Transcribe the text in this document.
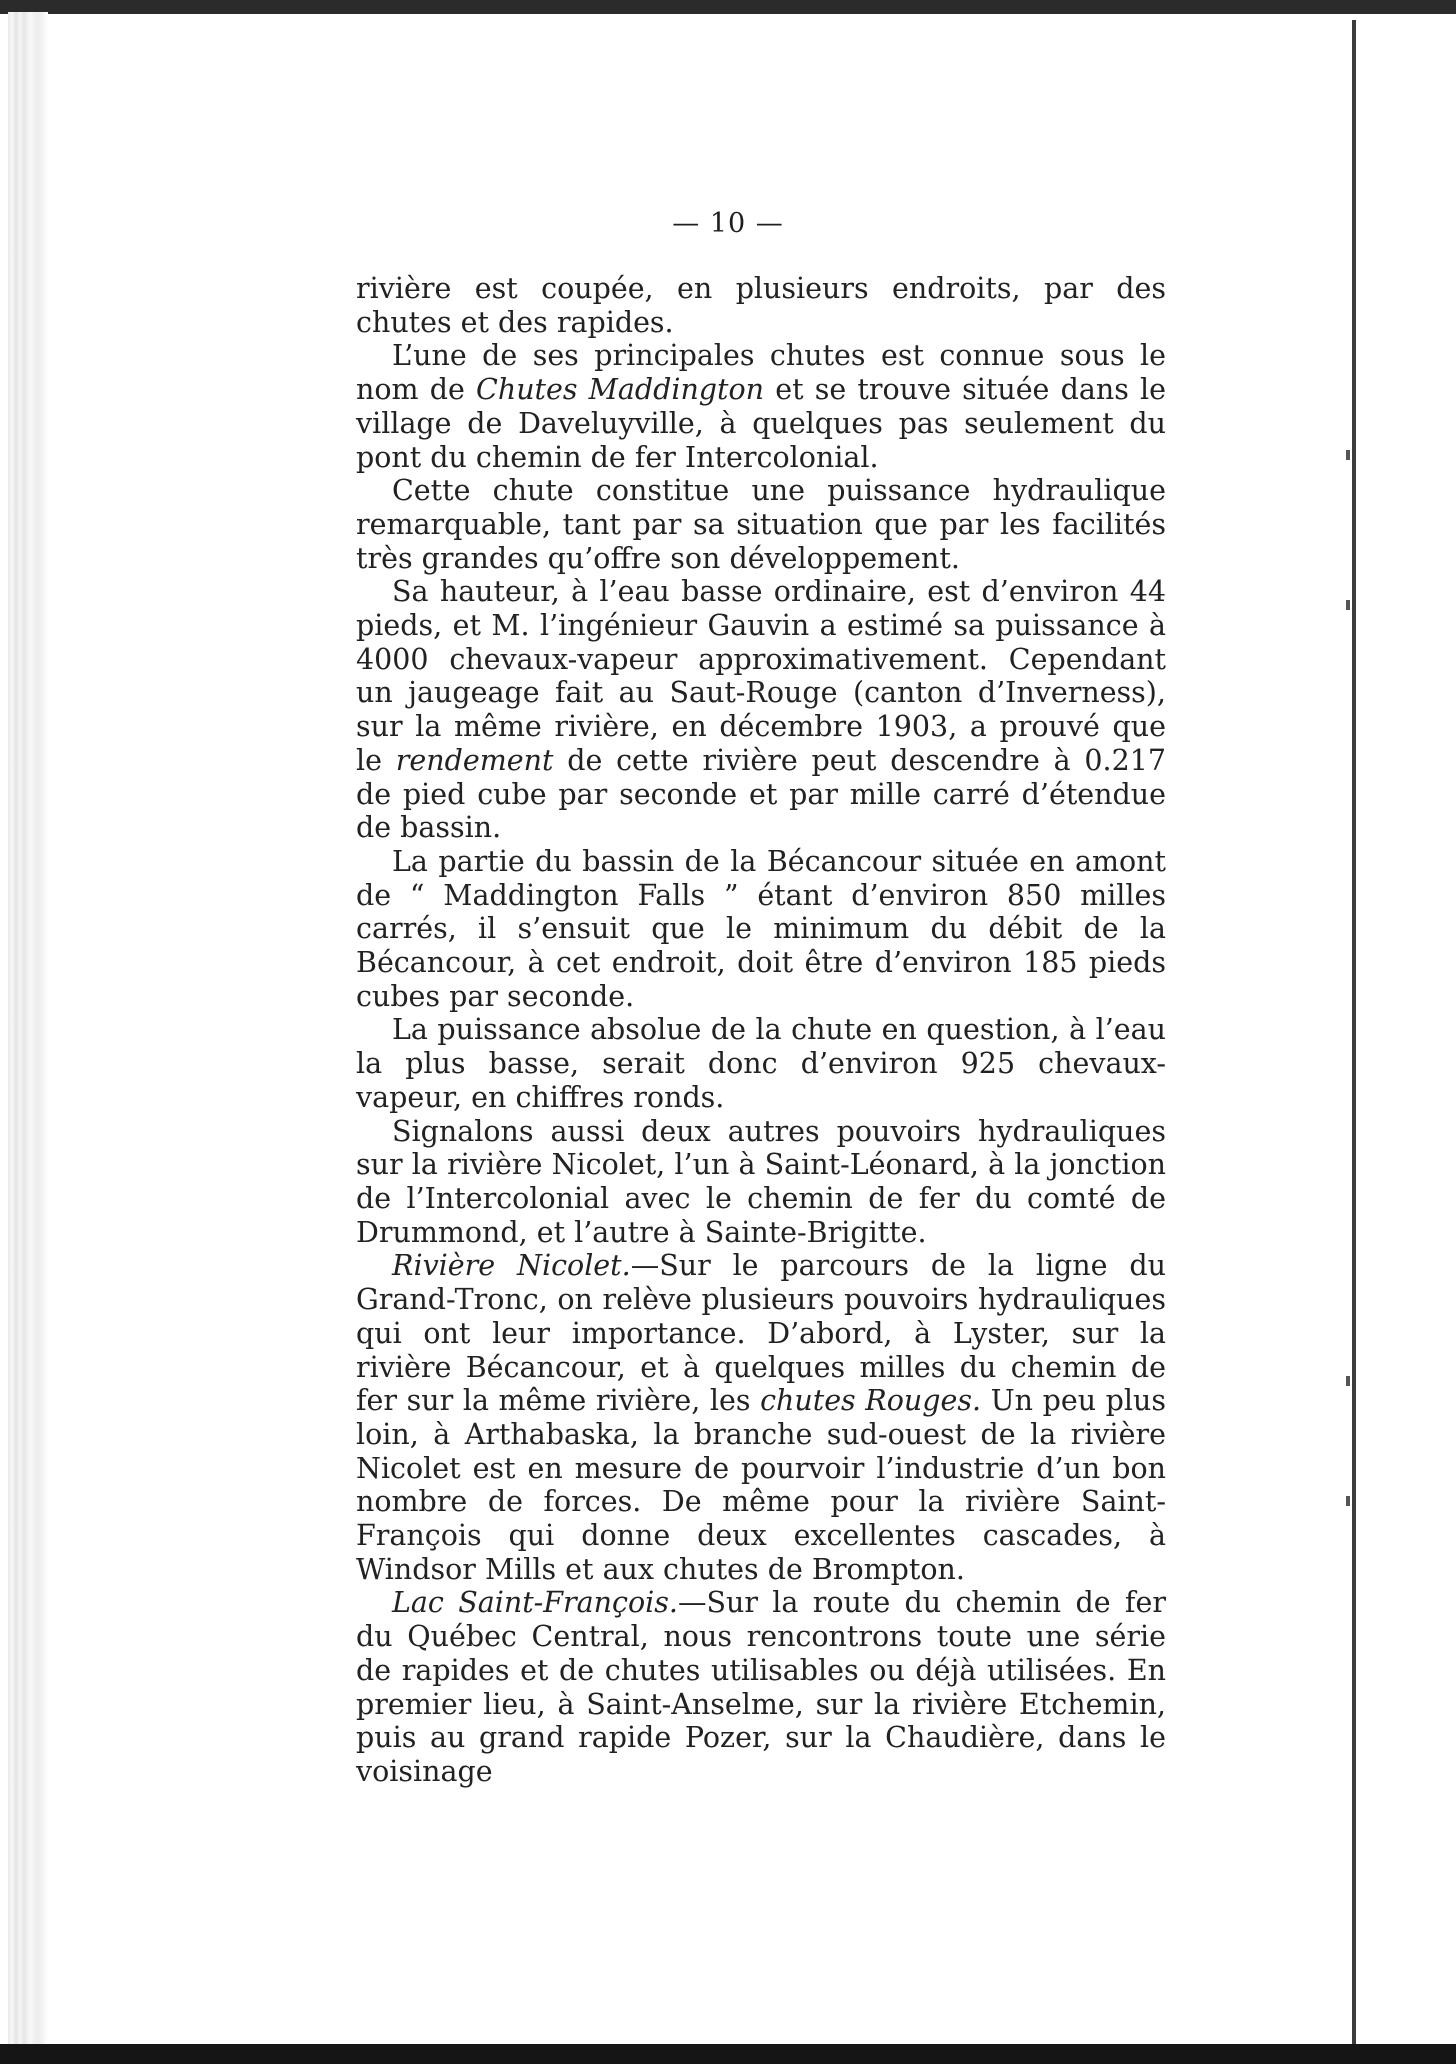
— 10 —

rivière est coupée, en plusieurs endroits, par des chutes et des rapides.

L’une de ses principales chutes est connue sous le nom de Chutes Maddington et se trouve située dans le village de Daveluyville, à quelques pas seulement du pont du chemin de fer Intercolonial.

Cette chute constitue une puissance hydraulique remarquable, tant par sa situation que par les facilités très grandes qu’offre son développement.

Sa hauteur, à l’eau basse ordinaire, est d’environ 44 pieds, et M. l’ingénieur Gauvin a estimé sa puissance à 4000 chevaux-vapeur approximativement. Cependant un jaugeage fait au Saut-Rouge (canton d’Inverness), sur la même rivière, en décembre 1903, a prouvé que le rendement de cette rivière peut descendre à 0.217 de pied cube par seconde et par mille carré d’étendue de bassin.

La partie du bassin de la Bécancour située en amont de “ Maddington Falls ” étant d’environ 850 milles carrés, il s’ensuit que le minimum du débit de la Bécancour, à cet endroit, doit être d’environ 185 pieds cubes par seconde.

La puissance absolue de la chute en question, à l’eau la plus basse, serait donc d’environ 925 chevaux-vapeur, en chiffres ronds.

Signalons aussi deux autres pouvoirs hydrauliques sur la rivière Nicolet, l’un à Saint-Léonard, à la jonction de l’Intercolonial avec le chemin de fer du comté de Drummond, et l’autre à Sainte-Brigitte.

Rivière Nicolet.—Sur le parcours de la ligne du Grand-Tronc, on relève plusieurs pouvoirs hydrauliques qui ont leur importance. D’abord, à Lyster, sur la rivière Bécancour, et à quelques milles du chemin de fer sur la même rivière, les chutes Rouges. Un peu plus loin, à Arthabaska, la branche sud-ouest de la rivière Nicolet est en mesure de pourvoir l’industrie d’un bon nombre de forces. De même pour la rivière Saint-François qui donne deux excellentes cascades, à Windsor Mills et aux chutes de Brompton.

Lac Saint-François.—Sur la route du chemin de fer du Québec Central, nous rencontrons toute une série de rapides et de chutes utilisables ou déjà utilisées. En premier lieu, à Saint-Anselme, sur la rivière Etchemin, puis au grand rapide Pozer, sur la Chaudière, dans le voisinage
